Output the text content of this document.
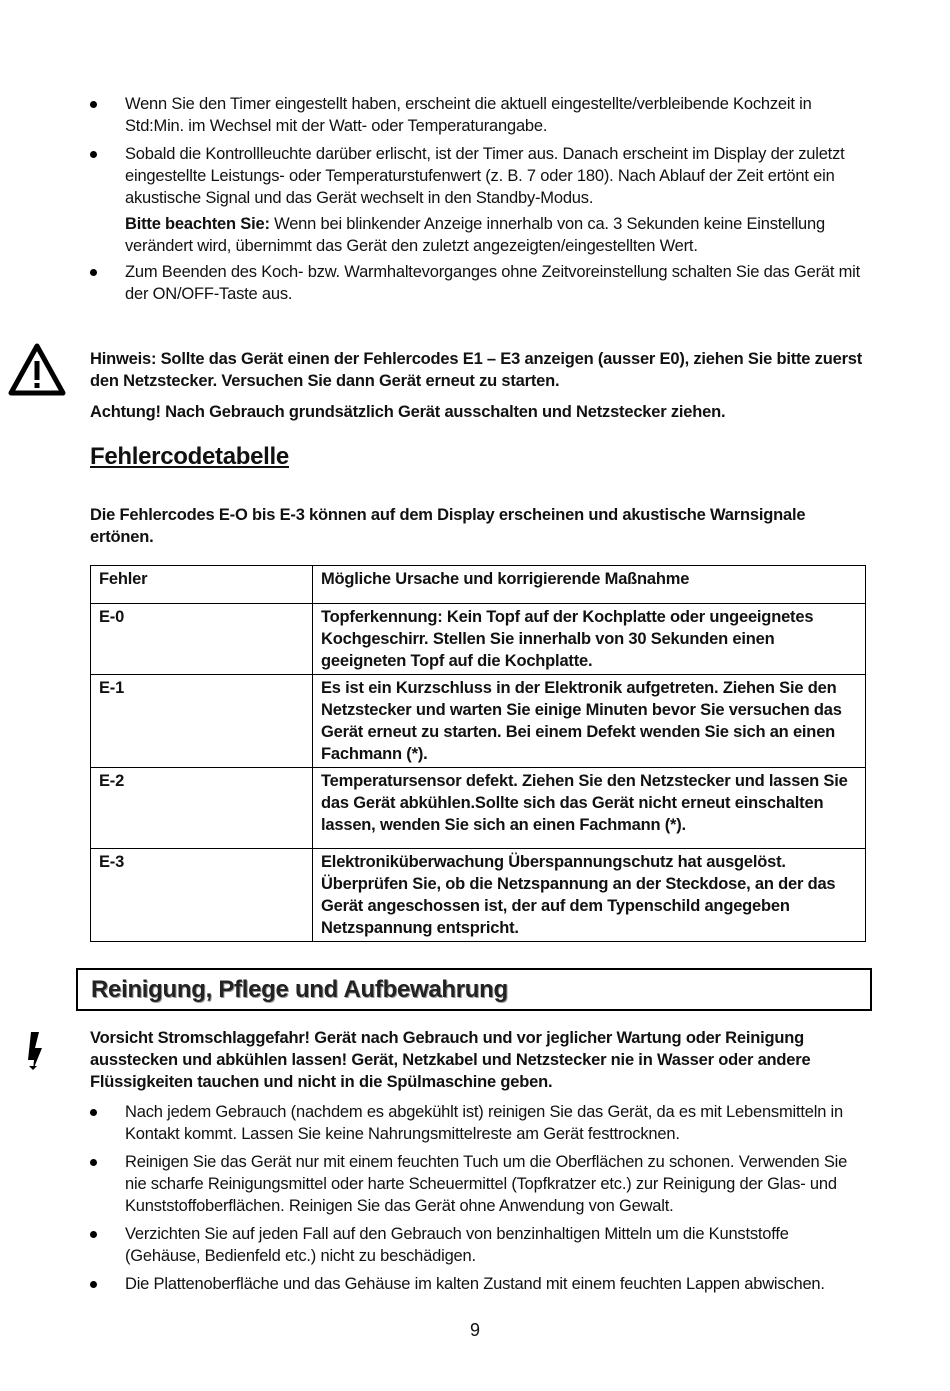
Wenn Sie den Timer eingestellt haben, erscheint die aktuell eingestellte/verbleibende Kochzeit in Std:Min. im Wechsel mit der Watt- oder Temperaturangabe.
Sobald die Kontrollleuchte darüber erlischt, ist der Timer aus. Danach erscheint im Display der zuletzt eingestellte Leistungs- oder Temperaturstufenwert (z. B. 7 oder 180). Nach Ablauf der Zeit ertönt ein akustische Signal und das Gerät wechselt in den Standby-Modus.
Bitte beachten Sie: Wenn bei blinkender Anzeige innerhalb von ca. 3 Sekunden keine Einstellung verändert wird, übernimmt das Gerät den zuletzt angezeigten/eingestellten Wert.
Zum Beenden des Koch- bzw. Warmhaltevorganges ohne Zeitvoreinstellung schalten Sie das Gerät mit der ON/OFF-Taste aus.
Hinweis: Sollte das Gerät einen der Fehlercodes E1 – E3 anzeigen (ausser E0), ziehen Sie bitte zuerst den Netzstecker. Versuchen Sie dann Gerät erneut zu starten.
Achtung! Nach Gebrauch grundsätzlich Gerät ausschalten und Netzstecker ziehen.
Fehlercodetabelle
Die Fehlercodes E-O bis E-3 können auf dem Display erscheinen und akustische Warnsignale ertönen.
Fehler	Mögliche Ursache und korrigierende Maßnahme
E-0	Topferkennung: Kein Topf auf der Kochplatte oder ungeeignetes Kochgeschirr. Stellen Sie innerhalb von 30 Sekunden einen geeigneten Topf auf die Kochplatte.
E-1	Es ist ein Kurzschluss in der Elektronik aufgetreten. Ziehen Sie den Netzstecker und warten Sie einige Minuten bevor Sie versuchen das Gerät erneut zu starten. Bei einem Defekt wenden Sie sich an einen Fachmann (*).
E-2	Temperatursensor defekt. Ziehen Sie den Netzstecker und lassen Sie das Gerät abkühlen.Sollte sich das Gerät nicht erneut einschalten lassen, wenden Sie sich an einen Fachmann (*).
E-3	Elektroniküberwachung Überspannungschutz hat ausgelöst. Überprüfen Sie, ob die Netzspannung an der Steckdose, an der das Gerät angeschossen ist, der auf dem Typenschild angegeben Netzspannung entspricht.
Reinigung, Pflege und Aufbewahrung
Vorsicht Stromschlaggefahr! Gerät nach Gebrauch und vor jeglicher Wartung oder Reinigung ausstecken und abkühlen lassen! Gerät, Netzkabel und Netzstecker nie in Wasser oder andere Flüssigkeiten tauchen und nicht in die Spülmaschine geben.
Nach jedem Gebrauch (nachdem es abgekühlt ist) reinigen Sie das Gerät, da es mit Lebensmitteln in Kontakt kommt. Lassen Sie keine Nahrungsmittelreste am Gerät festtrocknen.
Reinigen Sie das Gerät nur mit einem feuchten Tuch um die Oberflächen zu schonen. Verwenden Sie nie scharfe Reinigungsmittel oder harte Scheuermittel (Topfkratzer etc.) zur Reinigung der Glas- und Kunststoffoberflächen. Reinigen Sie das Gerät ohne Anwendung von Gewalt.
Verzichten Sie auf jeden Fall auf den Gebrauch von benzinhaltigen Mitteln um die Kunststoffe (Gehäuse, Bedienfeld etc.) nicht zu beschädigen.
Die Plattenoberfläche und das Gehäuse im kalten Zustand mit einem feuchten Lappen abwischen.
9
